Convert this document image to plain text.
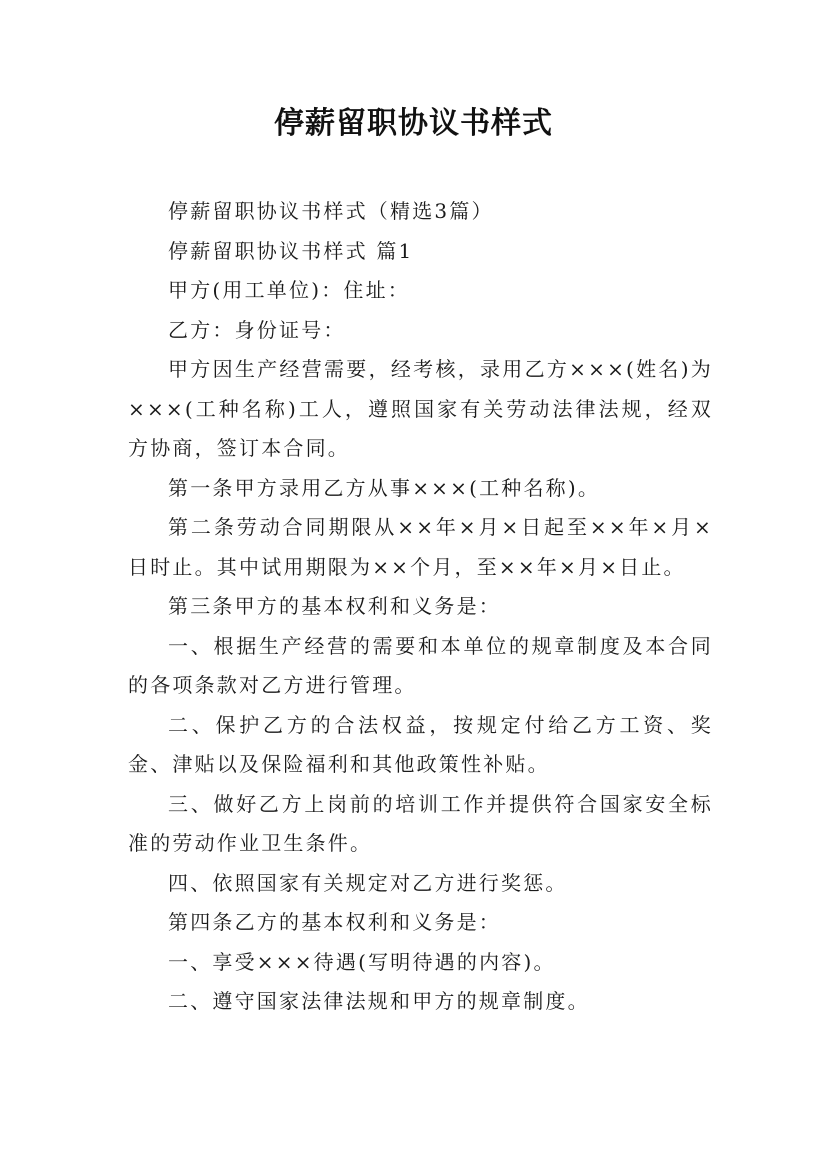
停薪留职协议书样式

停薪留职协议书样式（精选3篇）

停薪留职协议书样式 篇1

甲方(用工单位)：住址：

乙方：身份证号：

甲方因生产经营需要，经考核，录用乙方×××(姓名)为×××(工种名称)工人，遵照国家有关劳动法律法规，经双方协商，签订本合同。

第一条甲方录用乙方从事×××(工种名称)。

第二条劳动合同期限从××年×月×日起至××年×月×日时止。其中试用期限为××个月，至××年×月×日止。

第三条甲方的基本权利和义务是：

一、根据生产经营的需要和本单位的规章制度及本合同的各项条款对乙方进行管理。

二、保护乙方的合法权益，按规定付给乙方工资、奖金、津贴以及保险福利和其他政策性补贴。

三、做好乙方上岗前的培训工作并提供符合国家安全标准的劳动作业卫生条件。

四、依照国家有关规定对乙方进行奖惩。

第四条乙方的基本权利和义务是：

一、享受×××待遇(写明待遇的内容)。

二、遵守国家法律法规和甲方的规章制度。
